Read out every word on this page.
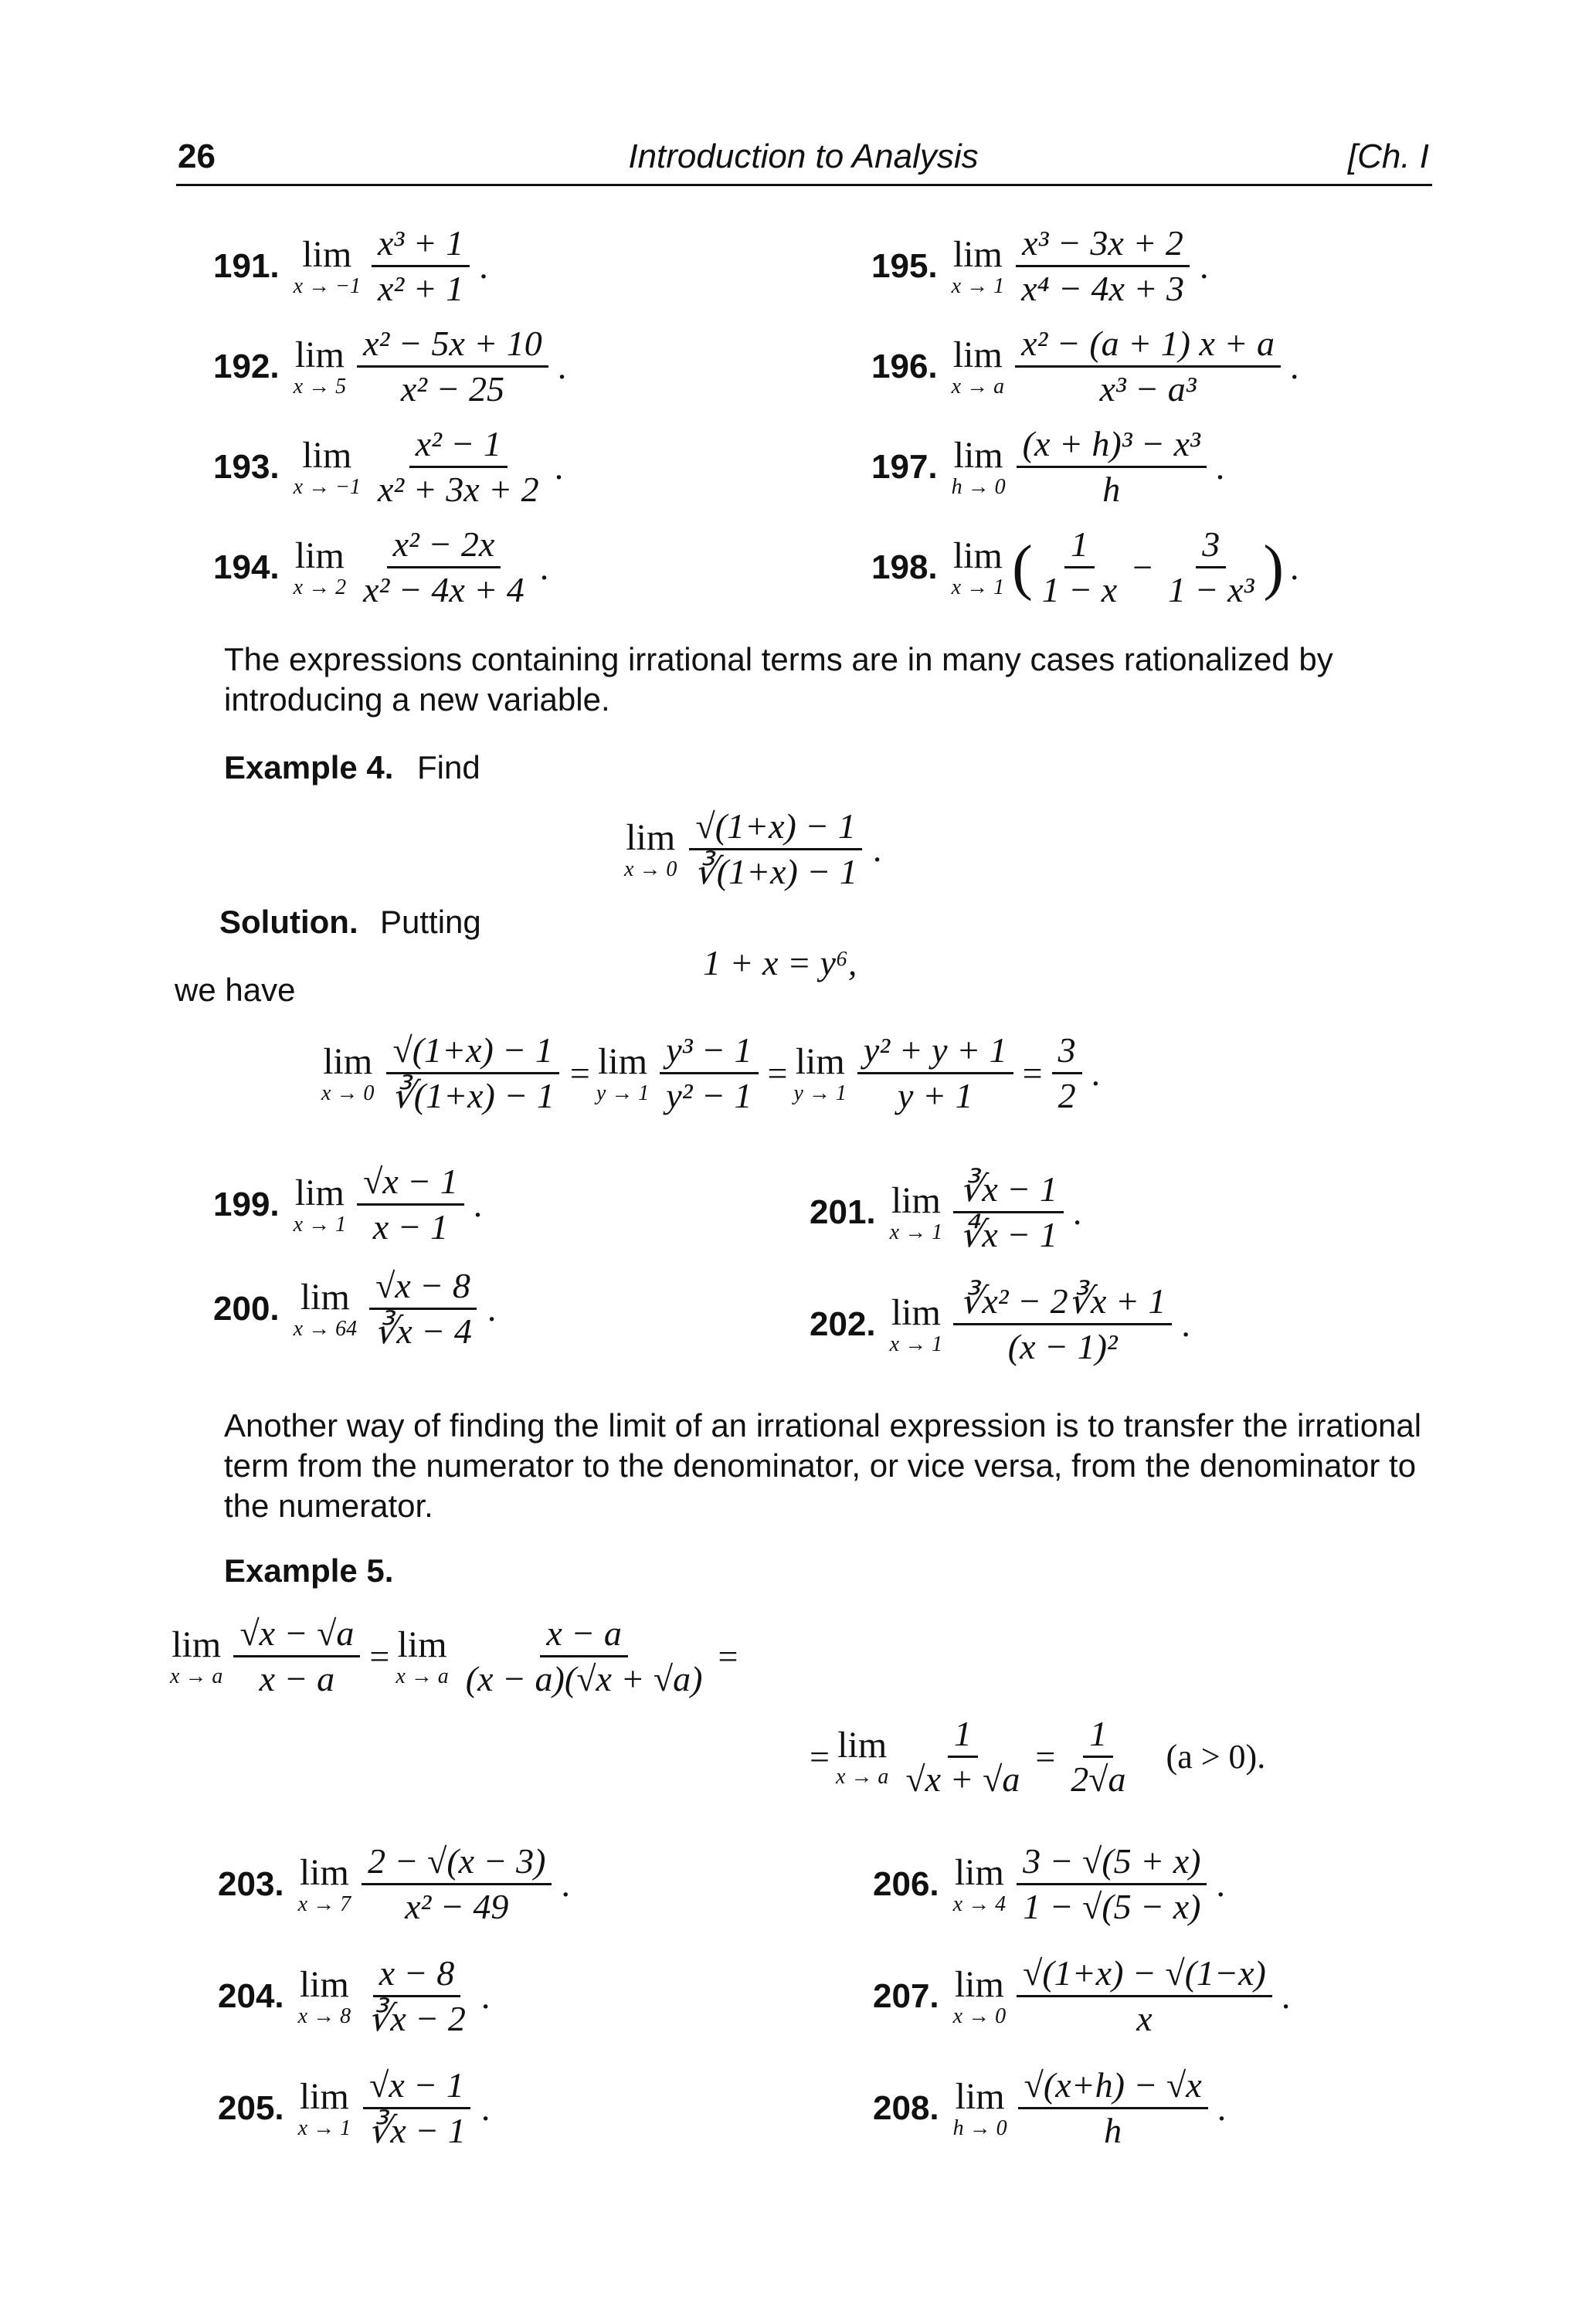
26	Introduction to Analysis	[Ch. I
191. lim
$x \to -1 \frac{\text{x³ + 1}}{\text{x² + 1}}$ .
192. lim
$x \to 5 \frac{\text{x² − 5x + 10}}{\text{x² − 25}}$ .
193. lim
$x \to -1 \frac{\text{x² − 1}}{\text{x² + 3x + 2}}$ .
194. lim
$x \to 2 \frac{\text{x² − 2x}}{\text{x² − 4x + 4}}$ .
195. lim
$x \to 1 \frac{\text{x³ − 3x + 2}}{\text{x⁴ − 4x + 3}}$ .
196. lim
x → a $\frac{\text{x² − (a + 1) x + a}}{\text{x³ − a³}}$ .
197. lim
$h \to 0 \frac{\text{(x + h)³ − x³}}{h}$ .
198. lim
x → 1 ( $\frac{1}{1 - x} - \frac{3}{\text{1 − x³}}$ ) .
The expressions containing irrational terms are in many cases rationalized by introducing a new variable.
Example 4. Find
lim
$x \to 0 \frac{√(1+x) - 1}{∛(1+x) - 1}$ .
Solution. Putting
1 + x = y⁶,
we have
lim
$x \to 0 \frac{√(1+x) - 1}{∛(1+x) - 1} = \lim$
$y \to 1 \frac{\text{y³ − 1}}{\text{y² − 1}} = \lim$
$y \to 1 \frac{\text{y² + y + 1}}{y + 1} = \frac{3}{2}$ .
199. lim
$x \to 1 \frac{√x - 1}{x - 1}$ .
200. lim
$x \to 64 \frac{√x - 8}{∛x - 4}$ .
201. lim
$x \to 1 \frac{∛x - 1}{∜x - 1}$ .
202. lim
$x \to 1 \frac{\text{∛x² − 2∛x + 1}}{\text{(x − 1)²}}$ .
Another way of finding the limit of an irrational expression is to transfer the irrational term from the numerator to the denominator, or vice versa, from the denominator to the numerator.
Example 5.
lim
x → a $\frac{√x - √a}{x - a} = \lim$
x → a $\frac{x - a}{(x - a)(√x + √a)}$ =
= lim
x → a $\frac{1}{√x + √a} = \frac{1}{2√a} (a > 0)$.
203. lim
$x \to 7 \frac{2 - √(x - 3)}{\text{x² − 49}}$ .
204. lim
$x \to 8 \frac{x - 8}{∛x - 2}$ .
205. lim
$x \to 1 \frac{√x - 1}{∛x - 1}$ .
206. lim
$x \to 4 \frac{3 - √(5 + x)}{1 - √(5 - x)}$ .
207. lim
$x \to 0 \frac{√(1+x) - √(1-x)}{x}$ .
208. lim
$h \to 0 \frac{√(x+h) - √x}{h}$ .
